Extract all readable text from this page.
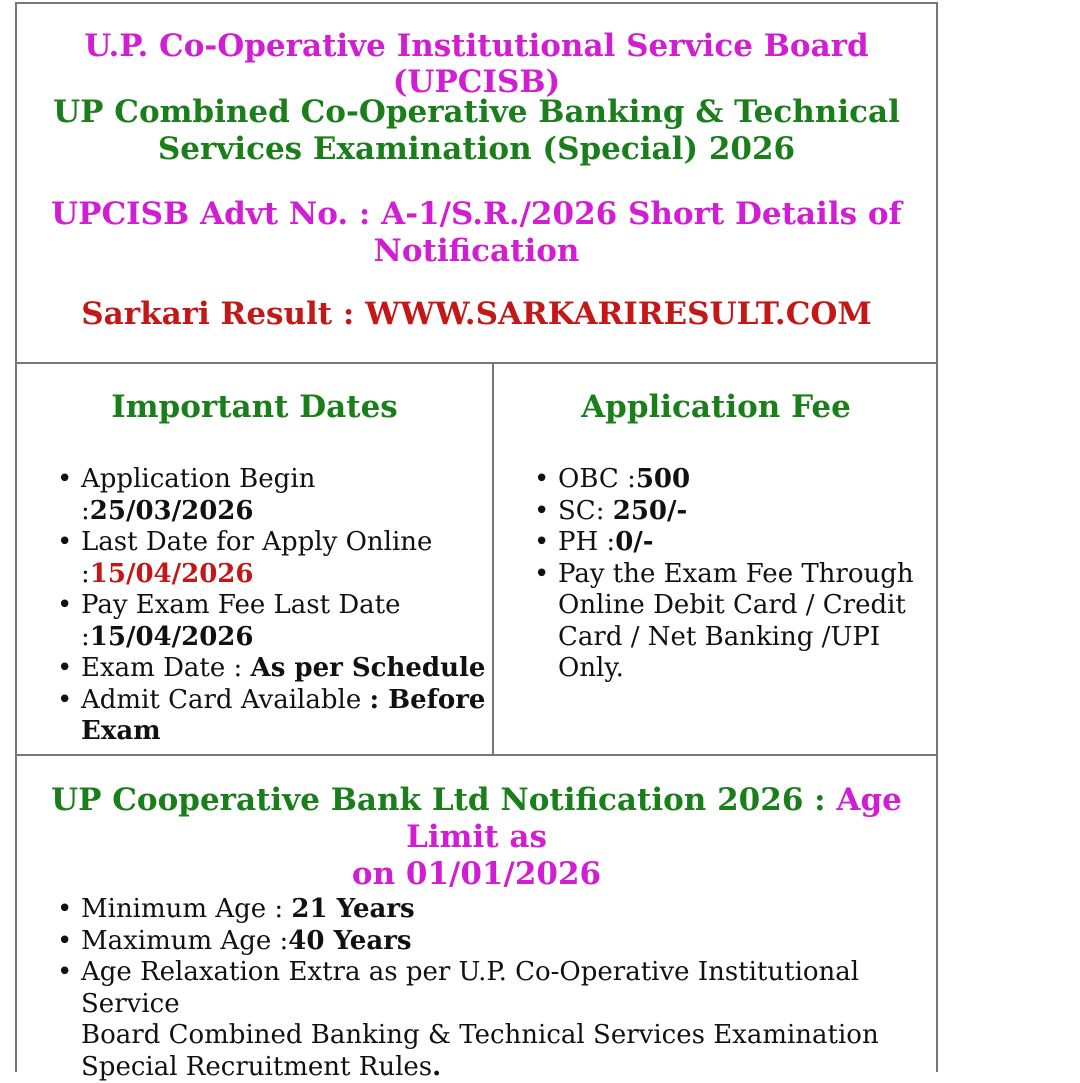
U.P. Co-Operative Institutional Service Board (UPCISB)
UP Combined Co-Operative Banking & Technical
Services Examination (Special) 2026
UPCISB Advt No. : A-1/S.R./2026 Short Details of
Notification
Sarkari Result : WWW.SARKARIRESULT.COM
Important Dates
• Application Begin :25/03/2026
• Last Date for Apply Online
:15/04/2026
• Pay Exam Fee Last Date
:15/04/2026
• Exam Date : As per Schedule
• Admit Card Available : Before
Exam
Application Fee
• OBC :500
• SC: 250/-
• PH :0/-
• Pay the Exam Fee Through
Online Debit Card / Credit
Card / Net Banking /UPI Only.
UP Cooperative Bank Ltd Notification 2026 : Age Limit as
on 01/01/2026
• Minimum Age : 21 Years
• Maximum Age :40 Years
• Age Relaxation Extra as per U.P. Co-Operative Institutional Service
Board Combined Banking & Technical Services Examination
Special Recruitment Rules.
